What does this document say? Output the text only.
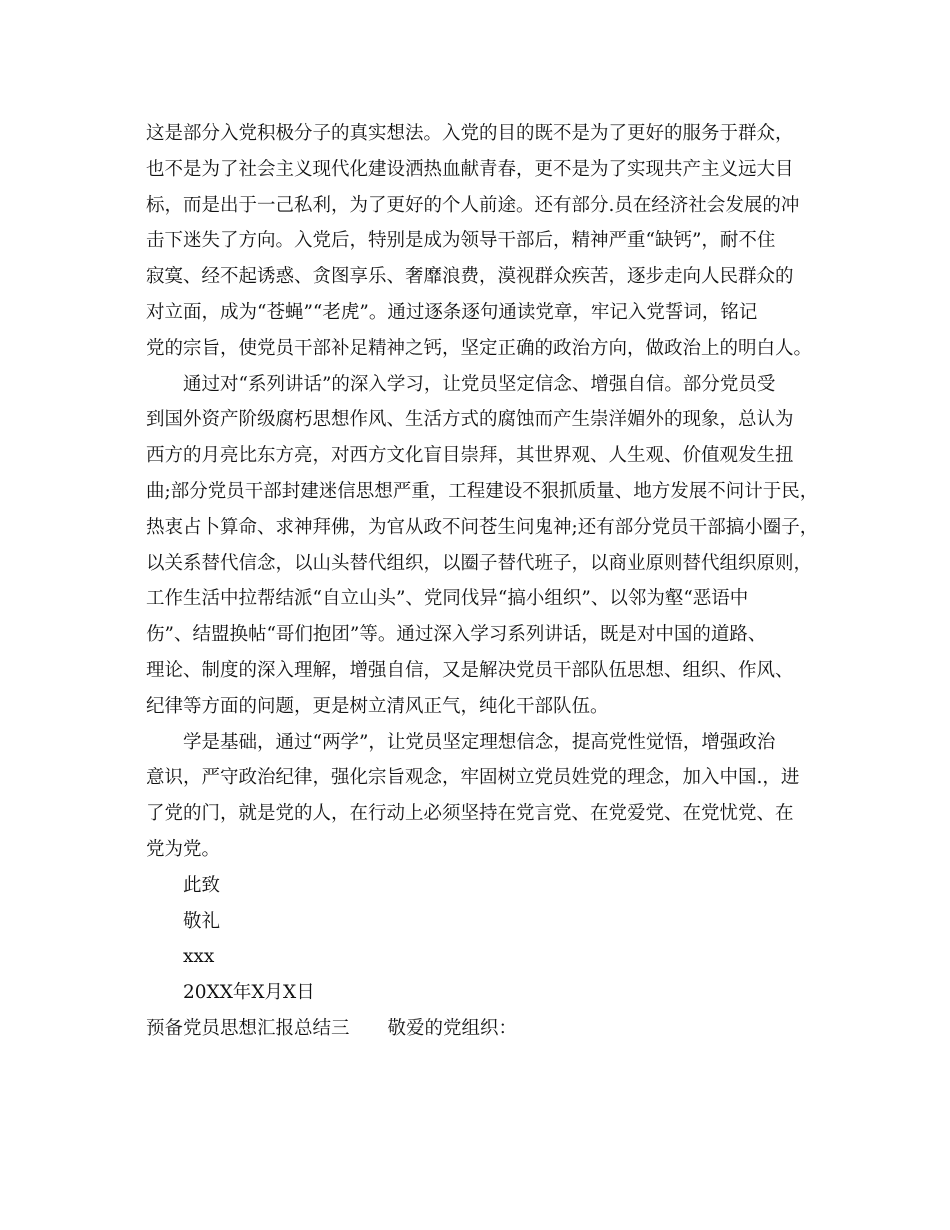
这是部分入党积极分子的真实想法。入党的目的既不是为了更好的服务于群众，
也不是为了社会主义现代化建设洒热血献青春，更不是为了实现共产主义远大目
标，而是出于一己私利，为了更好的个人前途。还有部分.员在经济社会发展的冲
击下迷失了方向。入党后，特别是成为领导干部后，精神严重“缺钙”，耐不住
寂寞、经不起诱惑、贪图享乐、奢靡浪费，漠视群众疾苦，逐步走向人民群众的
对立面，成为“苍蝇”“老虎”。通过逐条逐句通读党章，牢记入党誓词，铭记
党的宗旨，使党员干部补足精神之钙，坚定正确的政治方向，做政治上的明白人。
通过对“系列讲话”的深入学习，让党员坚定信念、增强自信。部分党员受
到国外资产阶级腐朽思想作风、生活方式的腐蚀而产生崇洋媚外的现象，总认为
西方的月亮比东方亮，对西方文化盲目崇拜，其世界观、人生观、价值观发生扭
曲;部分党员干部封建迷信思想严重，工程建设不狠抓质量、地方发展不问计于民，
热衷占卜算命、求神拜佛，为官从政不问苍生问鬼神;还有部分党员干部搞小圈子，
以关系替代信念，以山头替代组织，以圈子替代班子，以商业原则替代组织原则，
工作生活中拉帮结派“自立山头”、党同伐异“搞小组织”、以邻为壑“恶语中
伤”、结盟换帖“哥们抱团”等。通过深入学习系列讲话，既是对中国的道路、
理论、制度的深入理解，增强自信，又是解决党员干部队伍思想、组织、作风、
纪律等方面的问题，更是树立清风正气，纯化干部队伍。
学是基础，通过“两学”，让党员坚定理想信念，提高党性觉悟，增强政治
意识，严守政治纪律，强化宗旨观念，牢固树立党员姓党的理念，加入中国.，进
了党的门，就是党的人，在行动上必须坚持在党言党、在党爱党、在党忧党、在
党为党。
此致
敬礼
xxx
20XX年X月X日
预备党员思想汇报总结三 敬爱的党组织：
